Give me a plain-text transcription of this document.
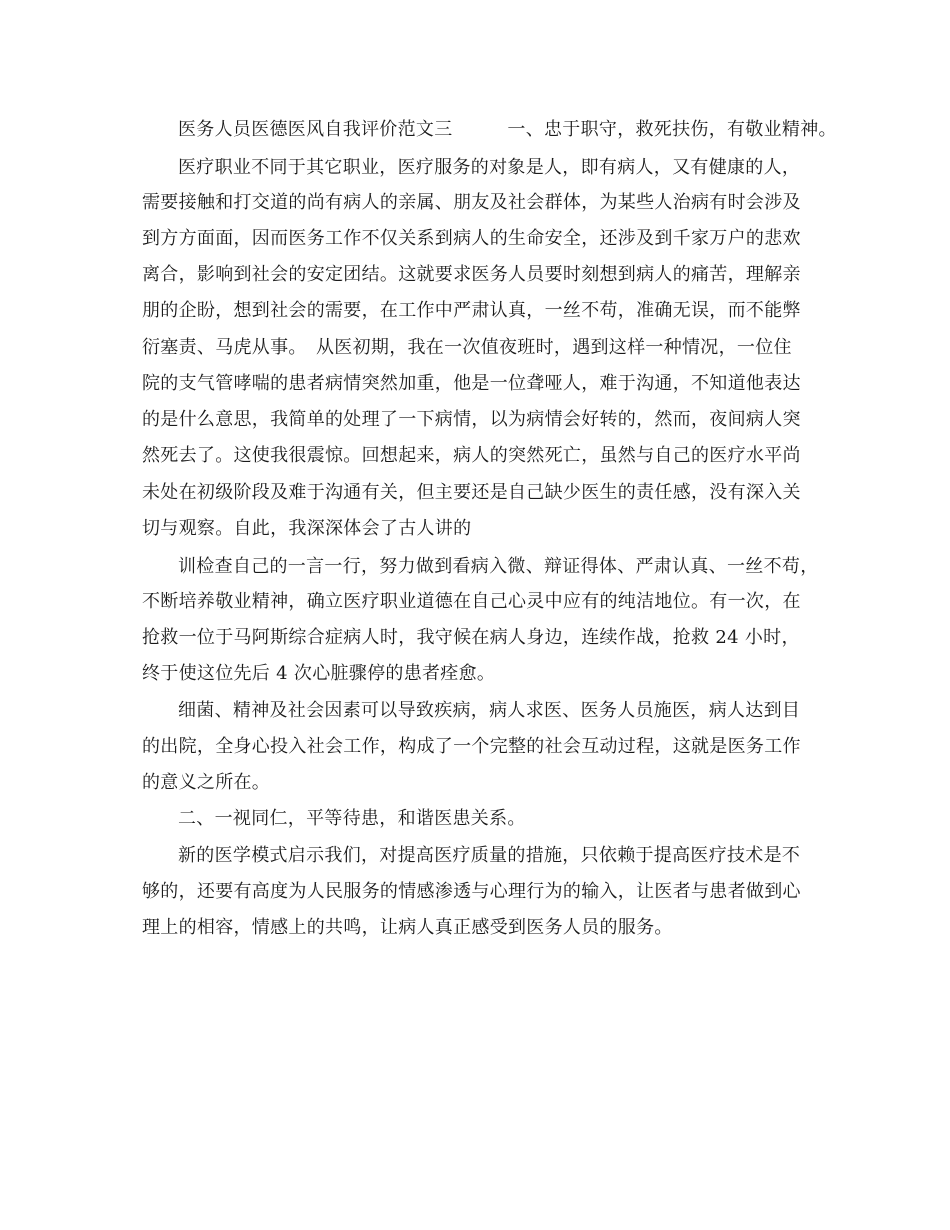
医务人员医德医风自我评价范文三　　　一、忠于职守，救死扶伤，有敬业精神。

医疗职业不同于其它职业，医疗服务的对象是人，即有病人，又有健康的人，

需要接触和打交道的尚有病人的亲属、朋友及社会群体，为某些人治病有时会涉及

到方方面面，因而医务工作不仅关系到病人的生命安全，还涉及到千家万户的悲欢

离合，影响到社会的安定团结。这就要求医务人员要时刻想到病人的痛苦，理解亲

朋的企盼，想到社会的需要，在工作中严肃认真，一丝不苟，准确无误，而不能弊

衍塞责、马虎从事。　从医初期，我在一次值夜班时，遇到这样一种情况，一位住

院的支气管哮喘的患者病情突然加重，他是一位聋哑人，难于沟通，不知道他表达

的是什么意思，我简单的处理了一下病情，以为病情会好转的，然而，夜间病人突

然死去了。这使我很震惊。回想起来，病人的突然死亡，虽然与自己的医疗水平尚

未处在初级阶段及难于沟通有关，但主要还是自己缺少医生的责任感，没有深入关

切与观察。自此，我深深体会了古人讲的

训检查自己的一言一行，努力做到看病入微、辩证得体、严肃认真、一丝不苟，

不断培养敬业精神，确立医疗职业道德在自己心灵中应有的纯洁地位。有一次，在

抢救一位于马阿斯综合症病人时，我守候在病人身边，连续作战，抢救 24 小时，

终于使这位先后 4 次心脏骤停的患者痊愈。

细菌、精神及社会因素可以导致疾病，病人求医、医务人员施医，病人达到目

的出院，全身心投入社会工作，构成了一个完整的社会互动过程，这就是医务工作

的意义之所在。

二、一视同仁，平等待患，和谐医患关系。

新的医学模式启示我们，对提高医疗质量的措施，只依赖于提高医疗技术是不

够的，还要有高度为人民服务的情感渗透与心理行为的输入，让医者与患者做到心

理上的相容，情感上的共鸣，让病人真正感受到医务人员的服务。
